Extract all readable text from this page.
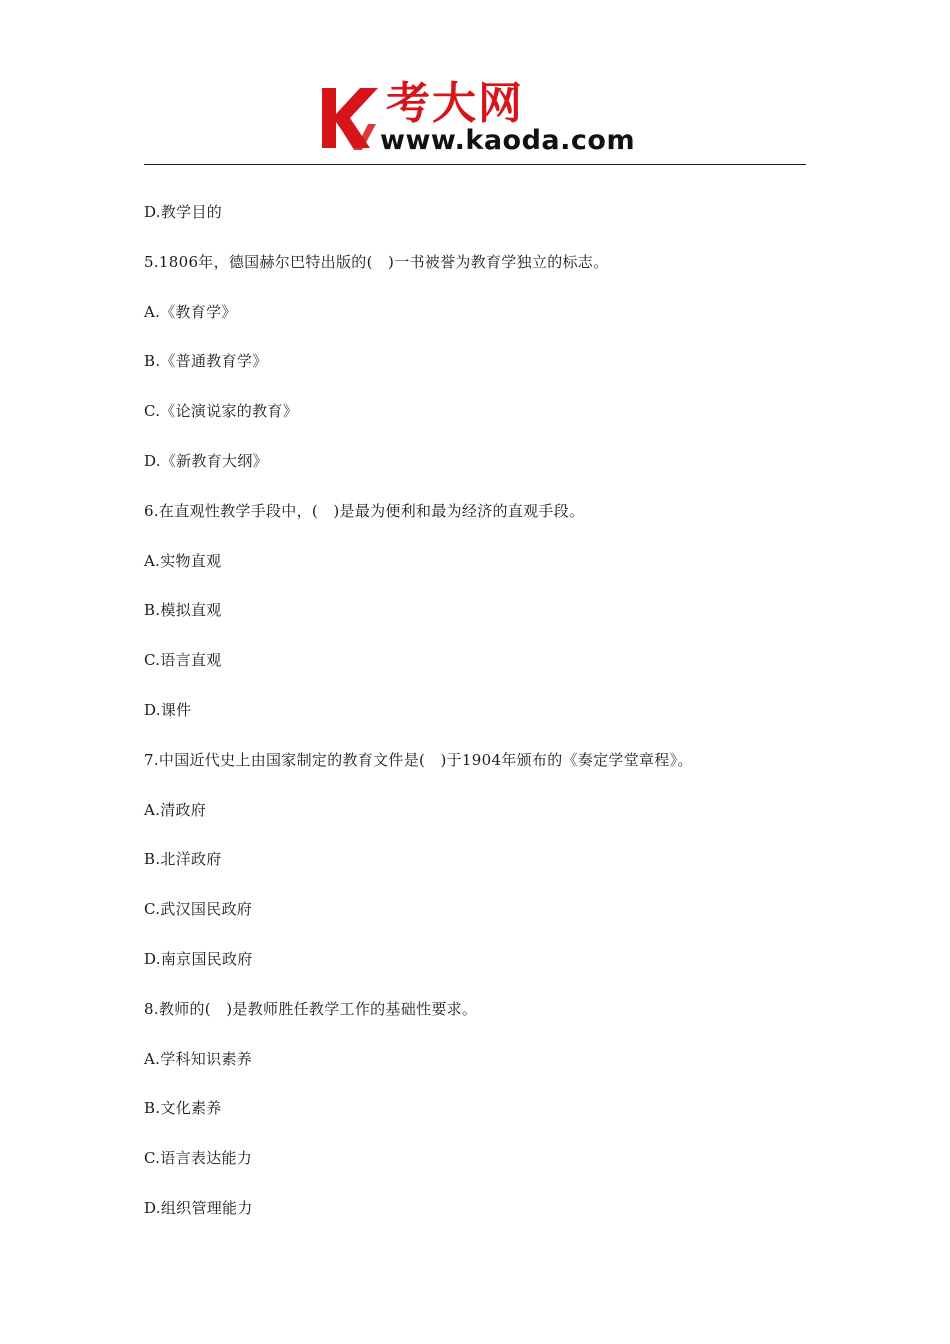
考大网
www.kaoda.com
D.教学目的
5.1806年，德国赫尔巴特出版的(　)一书被誉为教育学独立的标志。
A.《教育学》
B.《普通教育学》
C.《论演说家的教育》
D.《新教育大纲》
6.在直观性教学手段中，(　)是最为便利和最为经济的直观手段。
A.实物直观
B.模拟直观
C.语言直观
D.课件
7.中国近代史上由国家制定的教育文件是(　)于1904年颁布的《奏定学堂章程》。
A.清政府
B.北洋政府
C.武汉国民政府
D.南京国民政府
8.教师的(　)是教师胜任教学工作的基础性要求。
A.学科知识素养
B.文化素养
C.语言表达能力
D.组织管理能力
